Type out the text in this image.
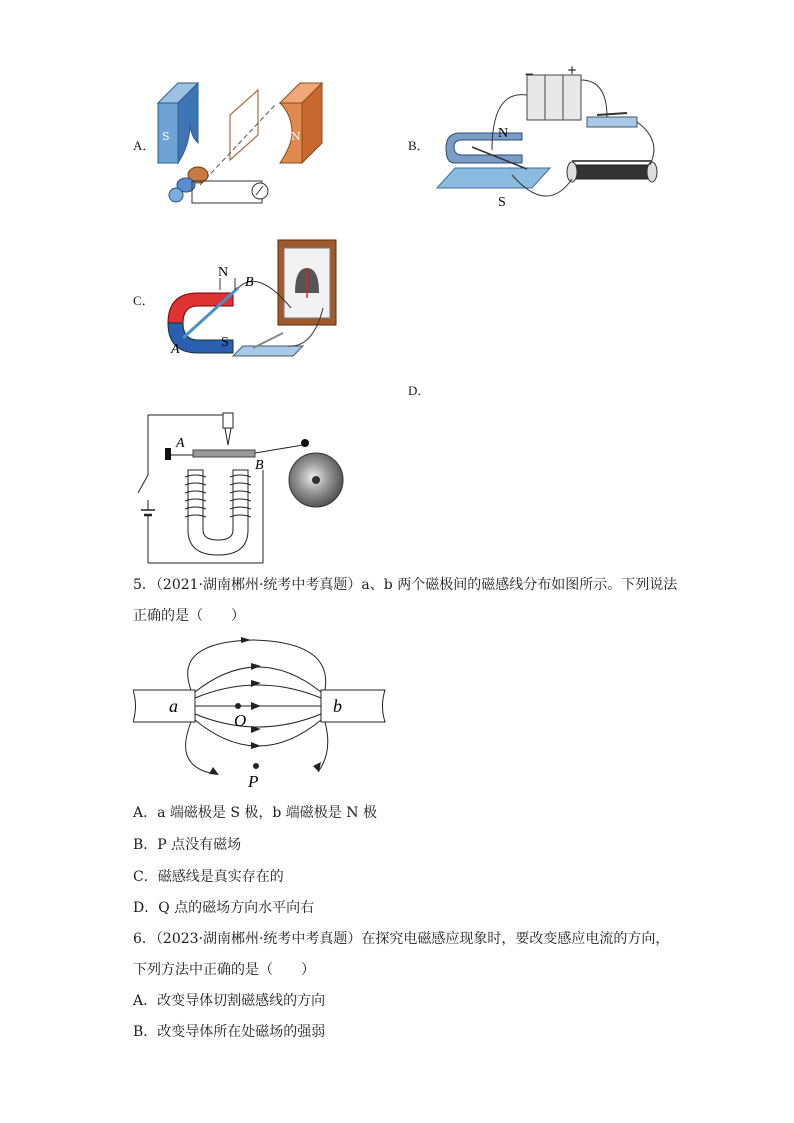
A．	B．
C．
D．
S	N
−	+
N
S
N
B
A	S
A
B
5．（2021·湖南郴州·统考中考真题）a、b 两个磁极间的磁感线分布如图所示。下列说法
正确的是（　　）
a	b
O
P
A．a 端磁极是 S 极，b 端磁极是 N 极
B．P 点没有磁场
C．磁感线是真实存在的
D．Q 点的磁场方向水平向右
6．（2023·湖南郴州·统考中考真题）在探究电磁感应现象时，要改变感应电流的方向，
下列方法中正确的是（　　）
A．改变导体切割磁感线的方向
B．改变导体所在处磁场的强弱
